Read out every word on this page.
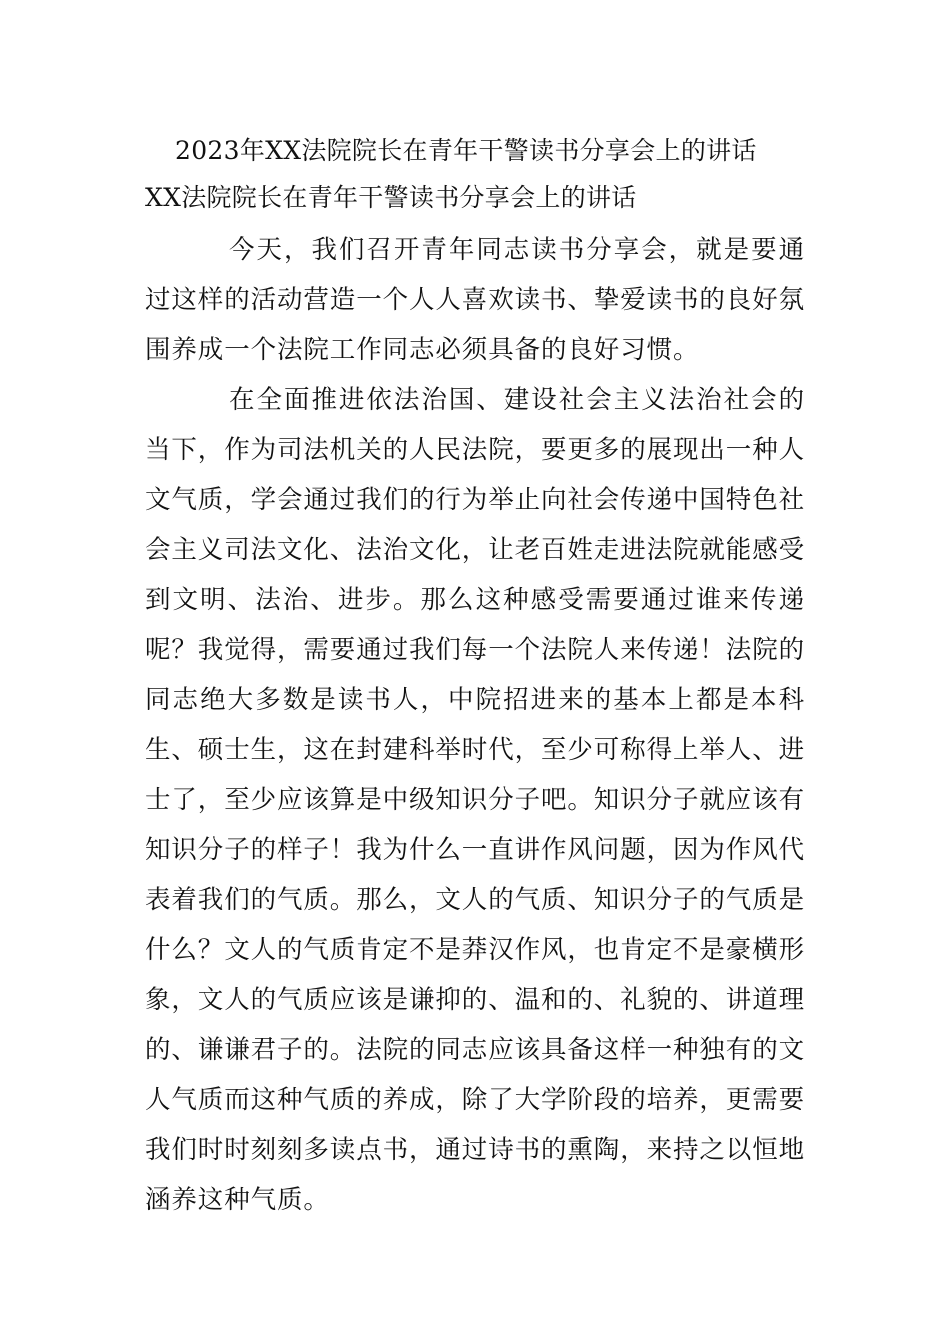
2023年XX法院院长在青年干警读书分享会上的讲话
XX法院院长在青年干警读书分享会上的讲话

今天，我们召开青年同志读书分享会，就是要通过这样的活动营造一个人人喜欢读书、挚爱读书的良好氛围养成一个法院工作同志必须具备的良好习惯。

在全面推进依法治国、建设社会主义法治社会的当下，作为司法机关的人民法院，要更多的展现出一种人文气质，学会通过我们的行为举止向社会传递中国特色社会主义司法文化、法治文化，让老百姓走进法院就能感受到文明、法治、进步。那么这种感受需要通过谁来传递呢？我觉得，需要通过我们每一个法院人来传递！法院的同志绝大多数是读书人，中院招进来的基本上都是本科生、硕士生，这在封建科举时代，至少可称得上举人、进士了，至少应该算是中级知识分子吧。知识分子就应该有知识分子的样子！我为什么一直讲作风问题，因为作风代表着我们的气质。那么，文人的气质、知识分子的气质是什么？文人的气质肯定不是莽汉作风，也肯定不是豪横形象，文人的气质应该是谦抑的、温和的、礼貌的、讲道理的、谦谦君子的。法院的同志应该具备这样一种独有的文人气质而这种气质的养成，除了大学阶段的培养，更需要我们时时刻刻多读点书，通过诗书的熏陶，来持之以恒地涵养这种气质。
